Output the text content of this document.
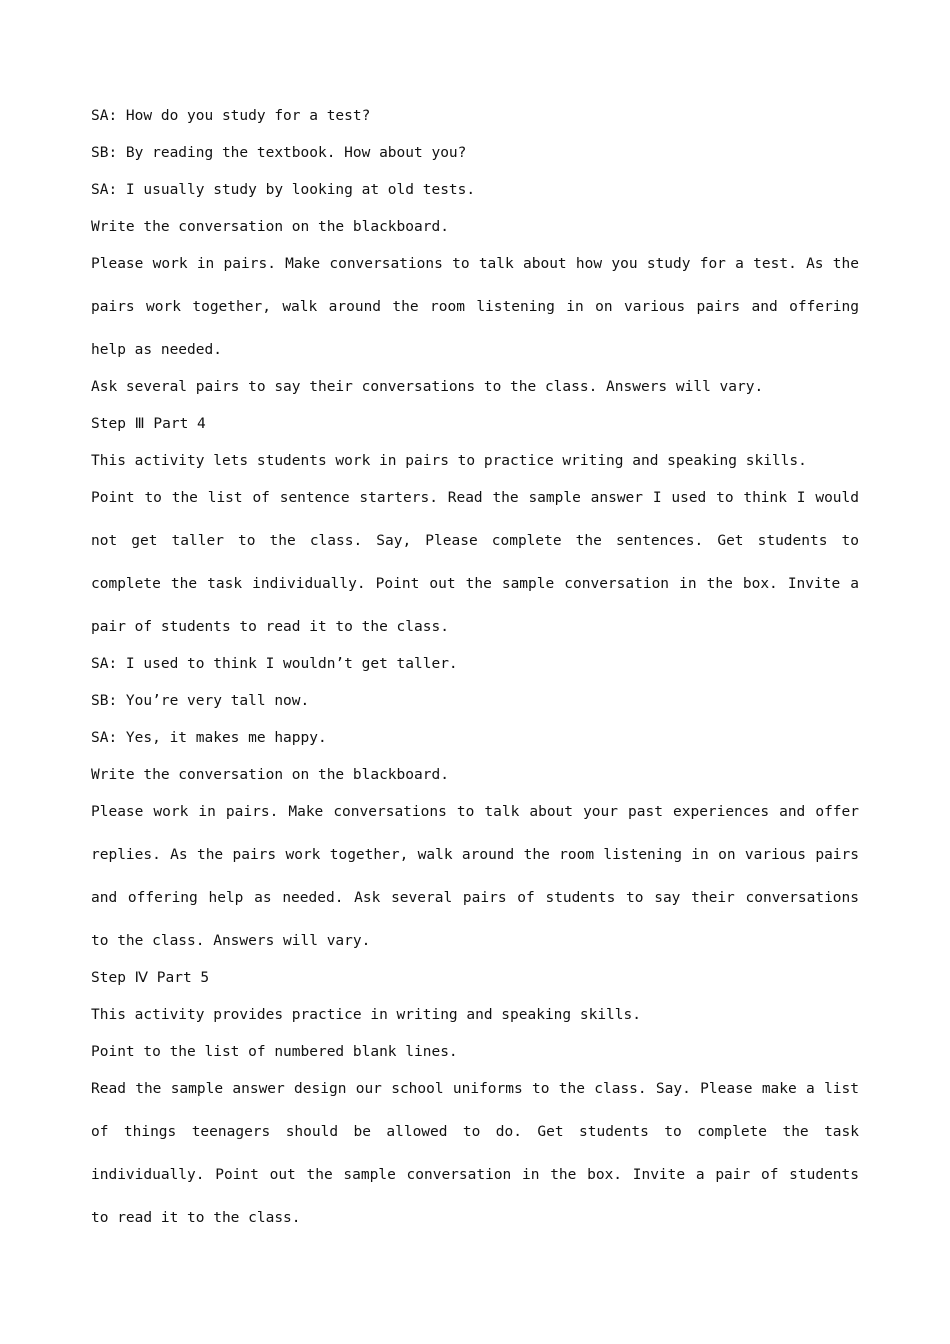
SA: How do you study for a test?

SB: By reading the textbook. How about you?

SA: I usually study by looking at old tests.

Write the conversation on the blackboard.

Please work in pairs. Make conversations to talk about how you study for a test. As the pairs work together, walk around the room listening in on various pairs and offering help as needed.

Ask several pairs to say their conversations to the class. Answers will vary.

Step Ⅲ Part 4

This activity lets students work in pairs to practice writing and speaking skills.

Point to the list of sentence starters. Read the sample answer I used to think I would not get taller to the class. Say, Please complete the sentences. Get students to complete the task individually. Point out the sample conversation in the box. Invite a pair of students to read it to the class.

SA: I used to think I wouldn’t get taller.

SB: You’re very tall now.

SA: Yes, it makes me happy.

Write the conversation on the blackboard.

Please work in pairs. Make conversations to talk about your past experiences and offer replies. As the pairs work together, walk around the room listening in on various pairs and offering help as needed. Ask several pairs of students to say their conversations to the class. Answers will vary.

Step Ⅳ Part 5

This activity provides practice in writing and speaking skills.

Point to the list of numbered blank lines.

Read the sample answer design our school uniforms to the class. Say. Please make a list of things teenagers should be allowed to do. Get students to complete the task individually. Point out the sample conversation in the box. Invite a pair of students to read it to the class.
